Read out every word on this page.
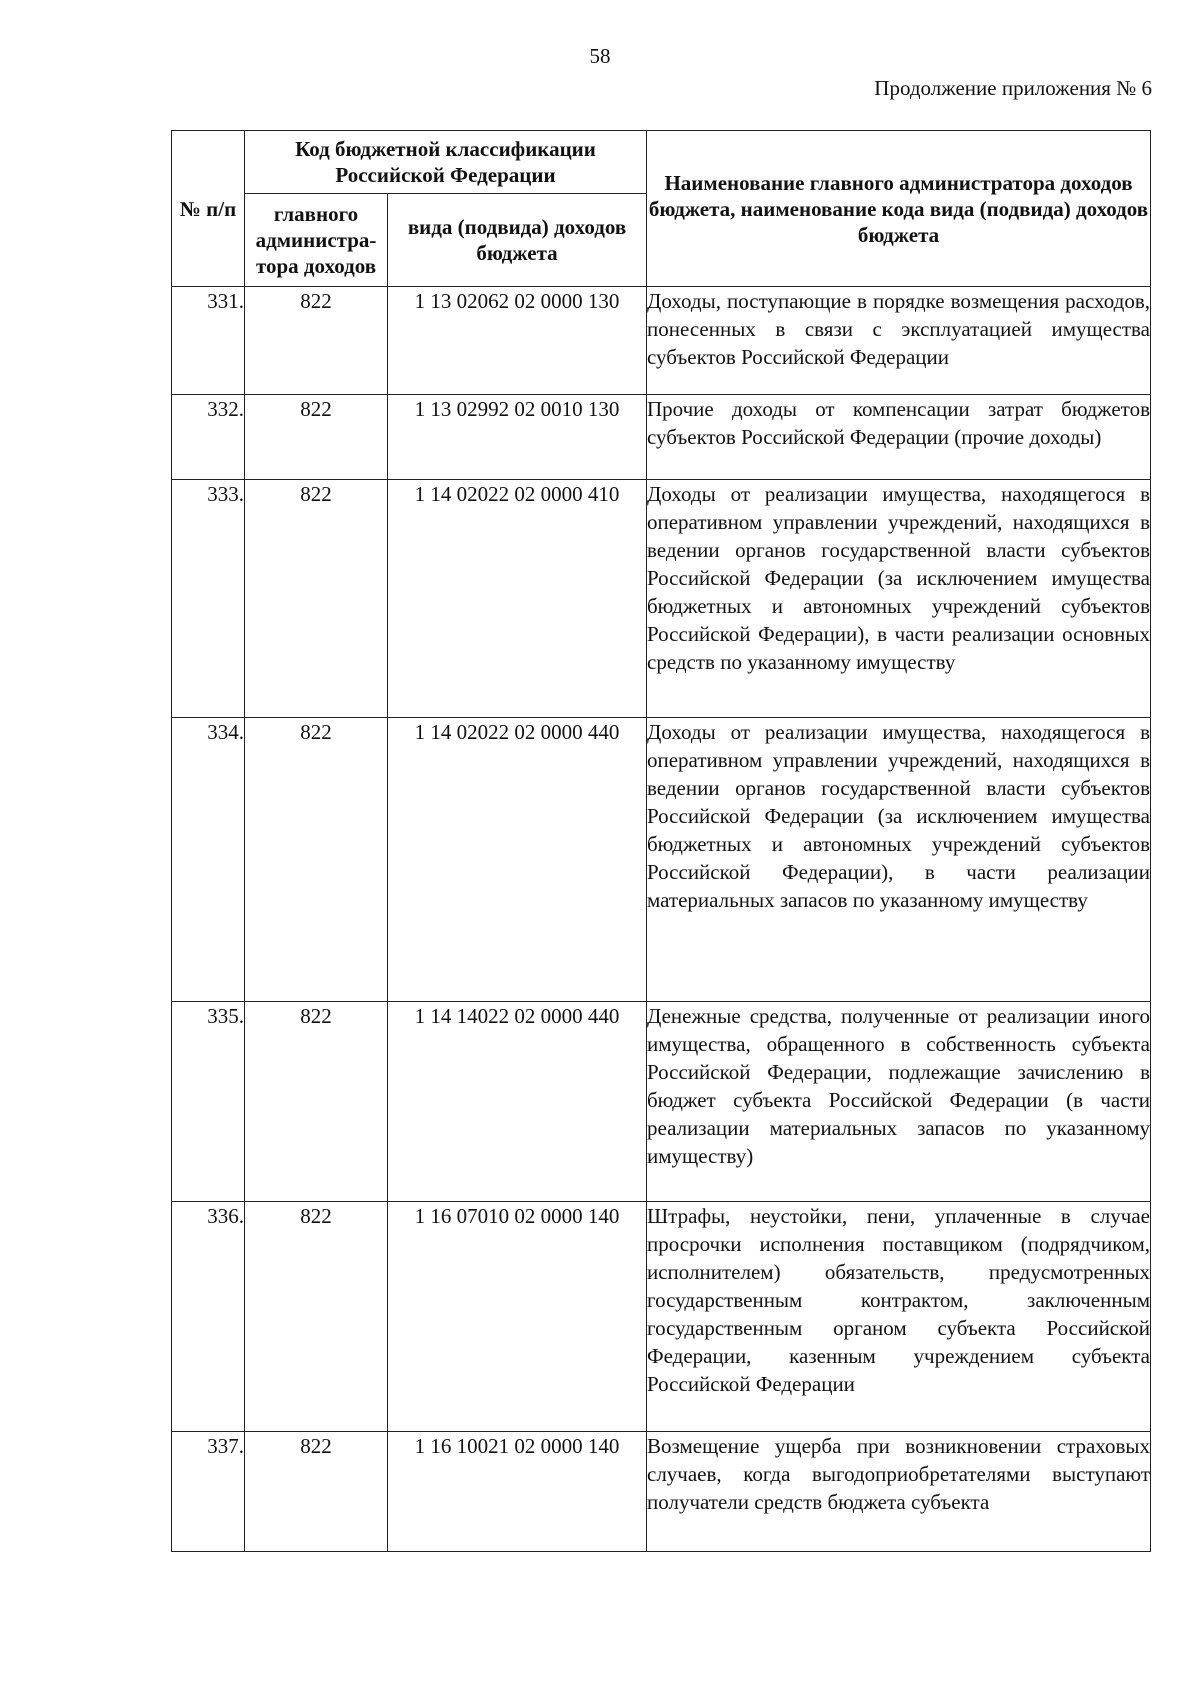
58
Продолжение приложения № 6
№ п/п	Код бюджетной классификации Российской Федерации		Наименование главного администратора доходов бюджета, наименование кода вида (подвида) доходов бюджета
	главного администра-тора доходов	вида (подвида) доходов бюджета	
331.	822	1 13 02062 02 0000 130	Доходы, поступающие в порядке возмещения расходов, понесенных в связи с эксплуатацией имущества субъектов Российской Федерации
332.	822	1 13 02992 02 0010 130	Прочие доходы от компенсации затрат бюджетов субъектов Российской Федерации (прочие доходы)
333.	822	1 14 02022 02 0000 410	Доходы от реализации имущества, находящегося в оперативном управлении учреждений, находящихся в ведении органов государственной власти субъектов Российской Федерации (за исключением имущества бюджетных и автономных учреждений субъектов Российской Федерации), в части реализации основных средств по указанному имуществу
334.	822	1 14 02022 02 0000 440	Доходы от реализации имущества, находящегося в оперативном управлении учреждений, находящихся в ведении органов государственной власти субъектов Российской Федерации (за исключением имущества бюджетных и автономных учреждений субъектов Российской Федерации), в части реализации материальных запасов по указанному имуществу
335.	822	1 14 14022 02 0000 440	Денежные средства, полученные от реализации иного имущества, обращенного в собственность субъекта Российской Федерации, подлежащие зачислению в бюджет субъекта Российской Федерации (в части реализации материальных запасов по указанному имуществу)
336.	822	1 16 07010 02 0000 140	Штрафы, неустойки, пени, уплаченные в случае просрочки исполнения поставщиком (подрядчиком, исполнителем) обязательств, предусмотренных государственным контрактом, заключенным государственным органом субъекта Российской Федерации, казенным учреждением субъекта Российской Федерации
337.	822	1 16 10021 02 0000 140	Возмещение ущерба при возникновении страховых случаев, когда выгодоприобретателями выступают получатели средств бюджета субъекта
